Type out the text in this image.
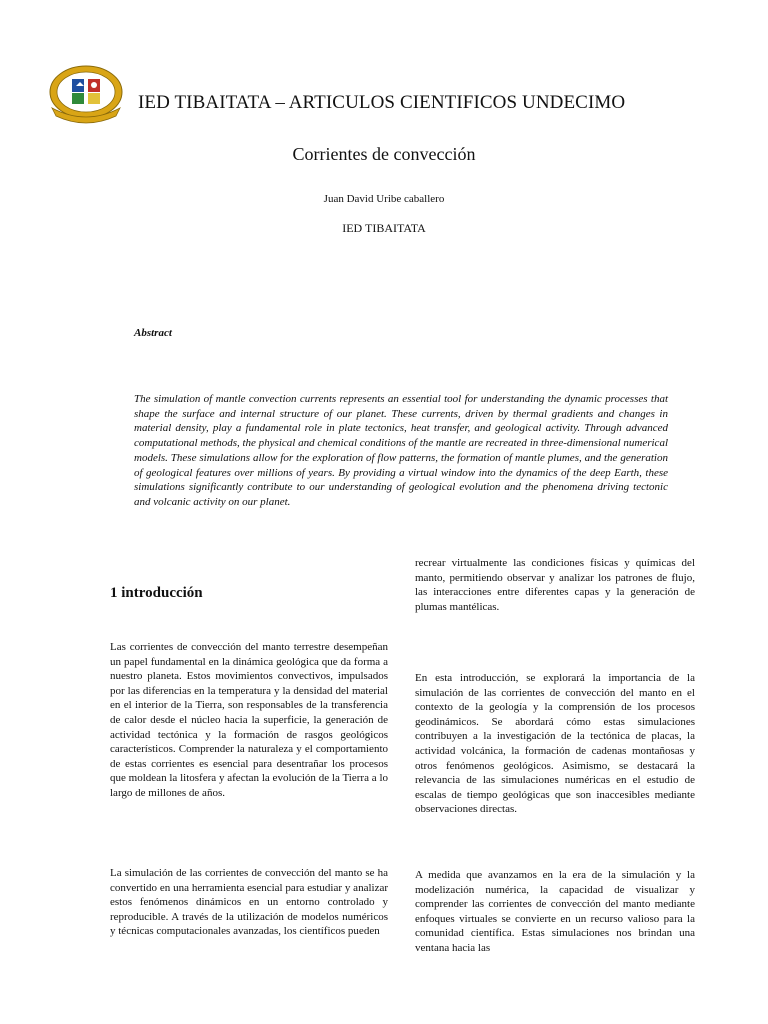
IED TIBAITATA – ARTICULOS CIENTIFICOS UNDECIMO
Corrientes de convección
Juan David Uribe caballero
IED TIBAITATA
Abstract
The simulation of mantle convection currents represents an essential tool for understanding the dynamic processes that shape the surface and internal structure of our planet. These currents, driven by thermal gradients and changes in material density, play a fundamental role in plate tectonics, heat transfer, and geological activity. Through advanced computational methods, the physical and chemical conditions of the mantle are recreated in three-dimensional numerical models. These simulations allow for the exploration of flow patterns, the formation of mantle plumes, and the generation of geological features over millions of years. By providing a virtual window into the dynamics of the deep Earth, these simulations significantly contribute to our understanding of geological evolution and the phenomena driving tectonic and volcanic activity on our planet.
1 introducción
Las corrientes de convección del manto terrestre desempeñan un papel fundamental en la dinámica geológica que da forma a nuestro planeta. Estos movimientos convectivos, impulsados por las diferencias en la temperatura y la densidad del material en el interior de la Tierra, son responsables de la transferencia de calor desde el núcleo hacia la superficie, la generación de actividad tectónica y la formación de rasgos geológicos característicos. Comprender la naturaleza y el comportamiento de estas corrientes es esencial para desentrañar los procesos que moldean la litosfera y afectan la evolución de la Tierra a lo largo de millones de años.
La simulación de las corrientes de convección del manto se ha convertido en una herramienta esencial para estudiar y analizar estos fenómenos dinámicos en un entorno controlado y reproducible. A través de la utilización de modelos numéricos y técnicas computacionales avanzadas, los científicos pueden
recrear virtualmente las condiciones físicas y químicas del manto, permitiendo observar y analizar los patrones de flujo, las interacciones entre diferentes capas y la generación de plumas mantélicas.
En esta introducción, se explorará la importancia de la simulación de las corrientes de convección del manto en el contexto de la geología y la comprensión de los procesos geodinámicos. Se abordará cómo estas simulaciones contribuyen a la investigación de la tectónica de placas, la actividad volcánica, la formación de cadenas montañosas y otros fenómenos geológicos. Asimismo, se destacará la relevancia de las simulaciones numéricas en el estudio de escalas de tiempo geológicas que son inaccesibles mediante observaciones directas.
A medida que avanzamos en la era de la simulación y la modelización numérica, la capacidad de visualizar y comprender las corrientes de convección del manto mediante enfoques virtuales se convierte en un recurso valioso para la comunidad científica. Estas simulaciones nos brindan una ventana hacia las
